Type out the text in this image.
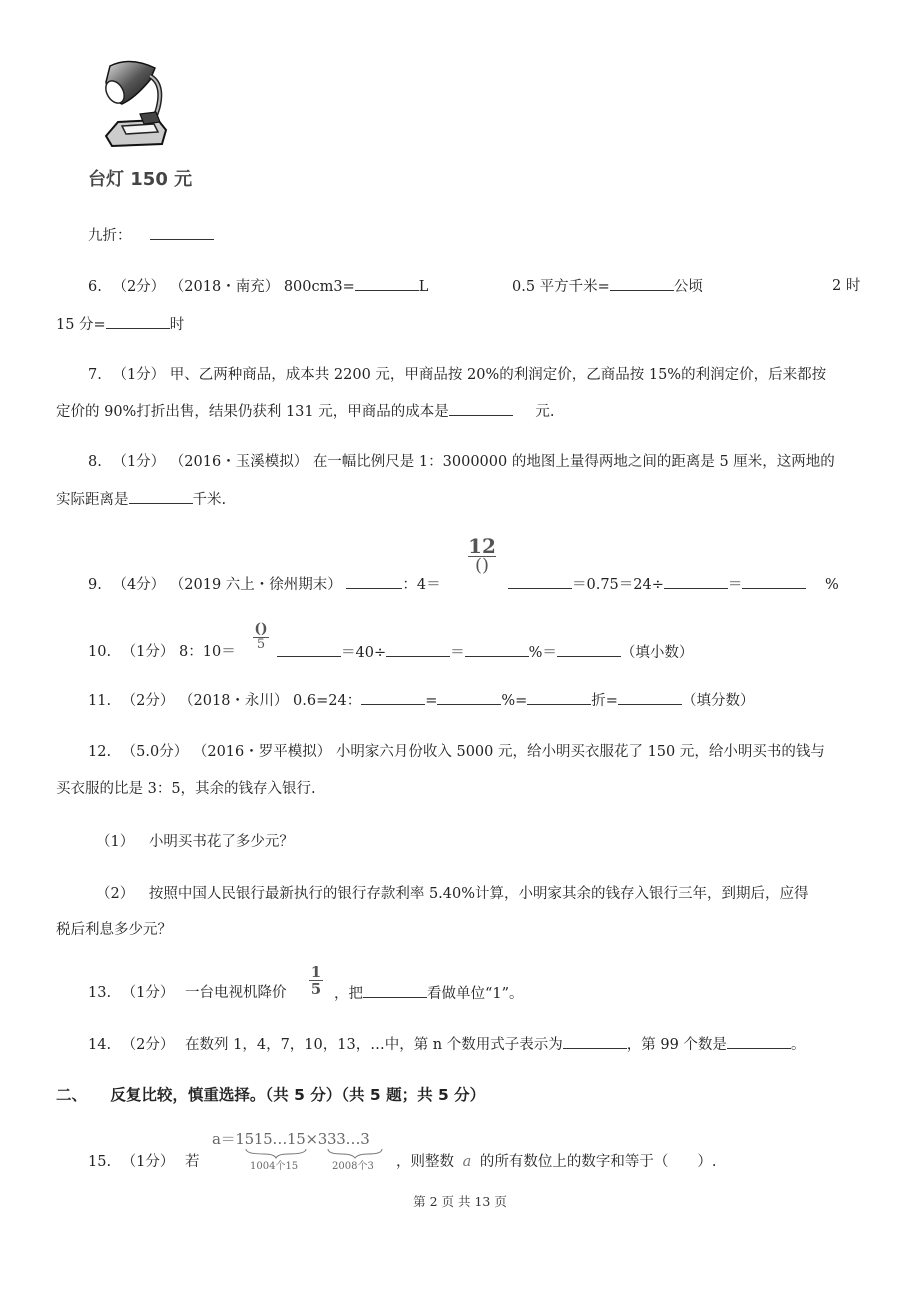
台灯 150 元
九折：
6. （2分） （2018・南充） 800cm3=	L	0.5 平方千米=	公顷	2 时
15 分=	时
7. （1分） 甲、乙两种商品，成本共 2200 元，甲商品按 20%的利润定价，乙商品按 15%的利润定价，后来都按
定价的 90%打折出售，结果仍获利 131 元，甲商品的成本是	元.
8. （1分） （2016・玉溪模拟） 在一幅比例尺是 1：3000000 的地图上量得两地之间的距离是 5 厘米，这两地的
实际距离是	千米.
9. （4分） （2019 六上・徐州期末）	：4＝
12
()
＝0.75＝24÷	＝	%
10. （1分） 8：10＝
()
5
＝40÷	＝	%＝	（填小数）
11. （2分） （2018・永川） 0.6=24：	=	%=	折=	（填分数）
12. （5.0分） （2016・罗平模拟） 小明家六月份收入 5000 元，给小明买衣服花了 150 元，给小明买书的钱与
买衣服的比是 3：5，其余的钱存入银行.
（1） 小明买书花了多少元？
（2） 按照中国人民银行最新执行的银行存款利率 5.40%计算，小明家其余的钱存入银行三年，到期后，应得
税后利息多少元？
13. （1分） 一台电视机降价
1
5 ，把	看做单位“1”。
14. （2分） 在数列 1，4，7，10，13，…中，第 n 个数用式子表示为	，第 99 个数是	。
二、 反复比较，慎重选择。（共 5 分）（共 5 题；共 5 分）
15. （1分） 若
a＝1515…15×333…3
1004个15	2008个3 ，则整数 a 的所有数位上的数字和等于（　　）.
第 2 页 共 13 页
